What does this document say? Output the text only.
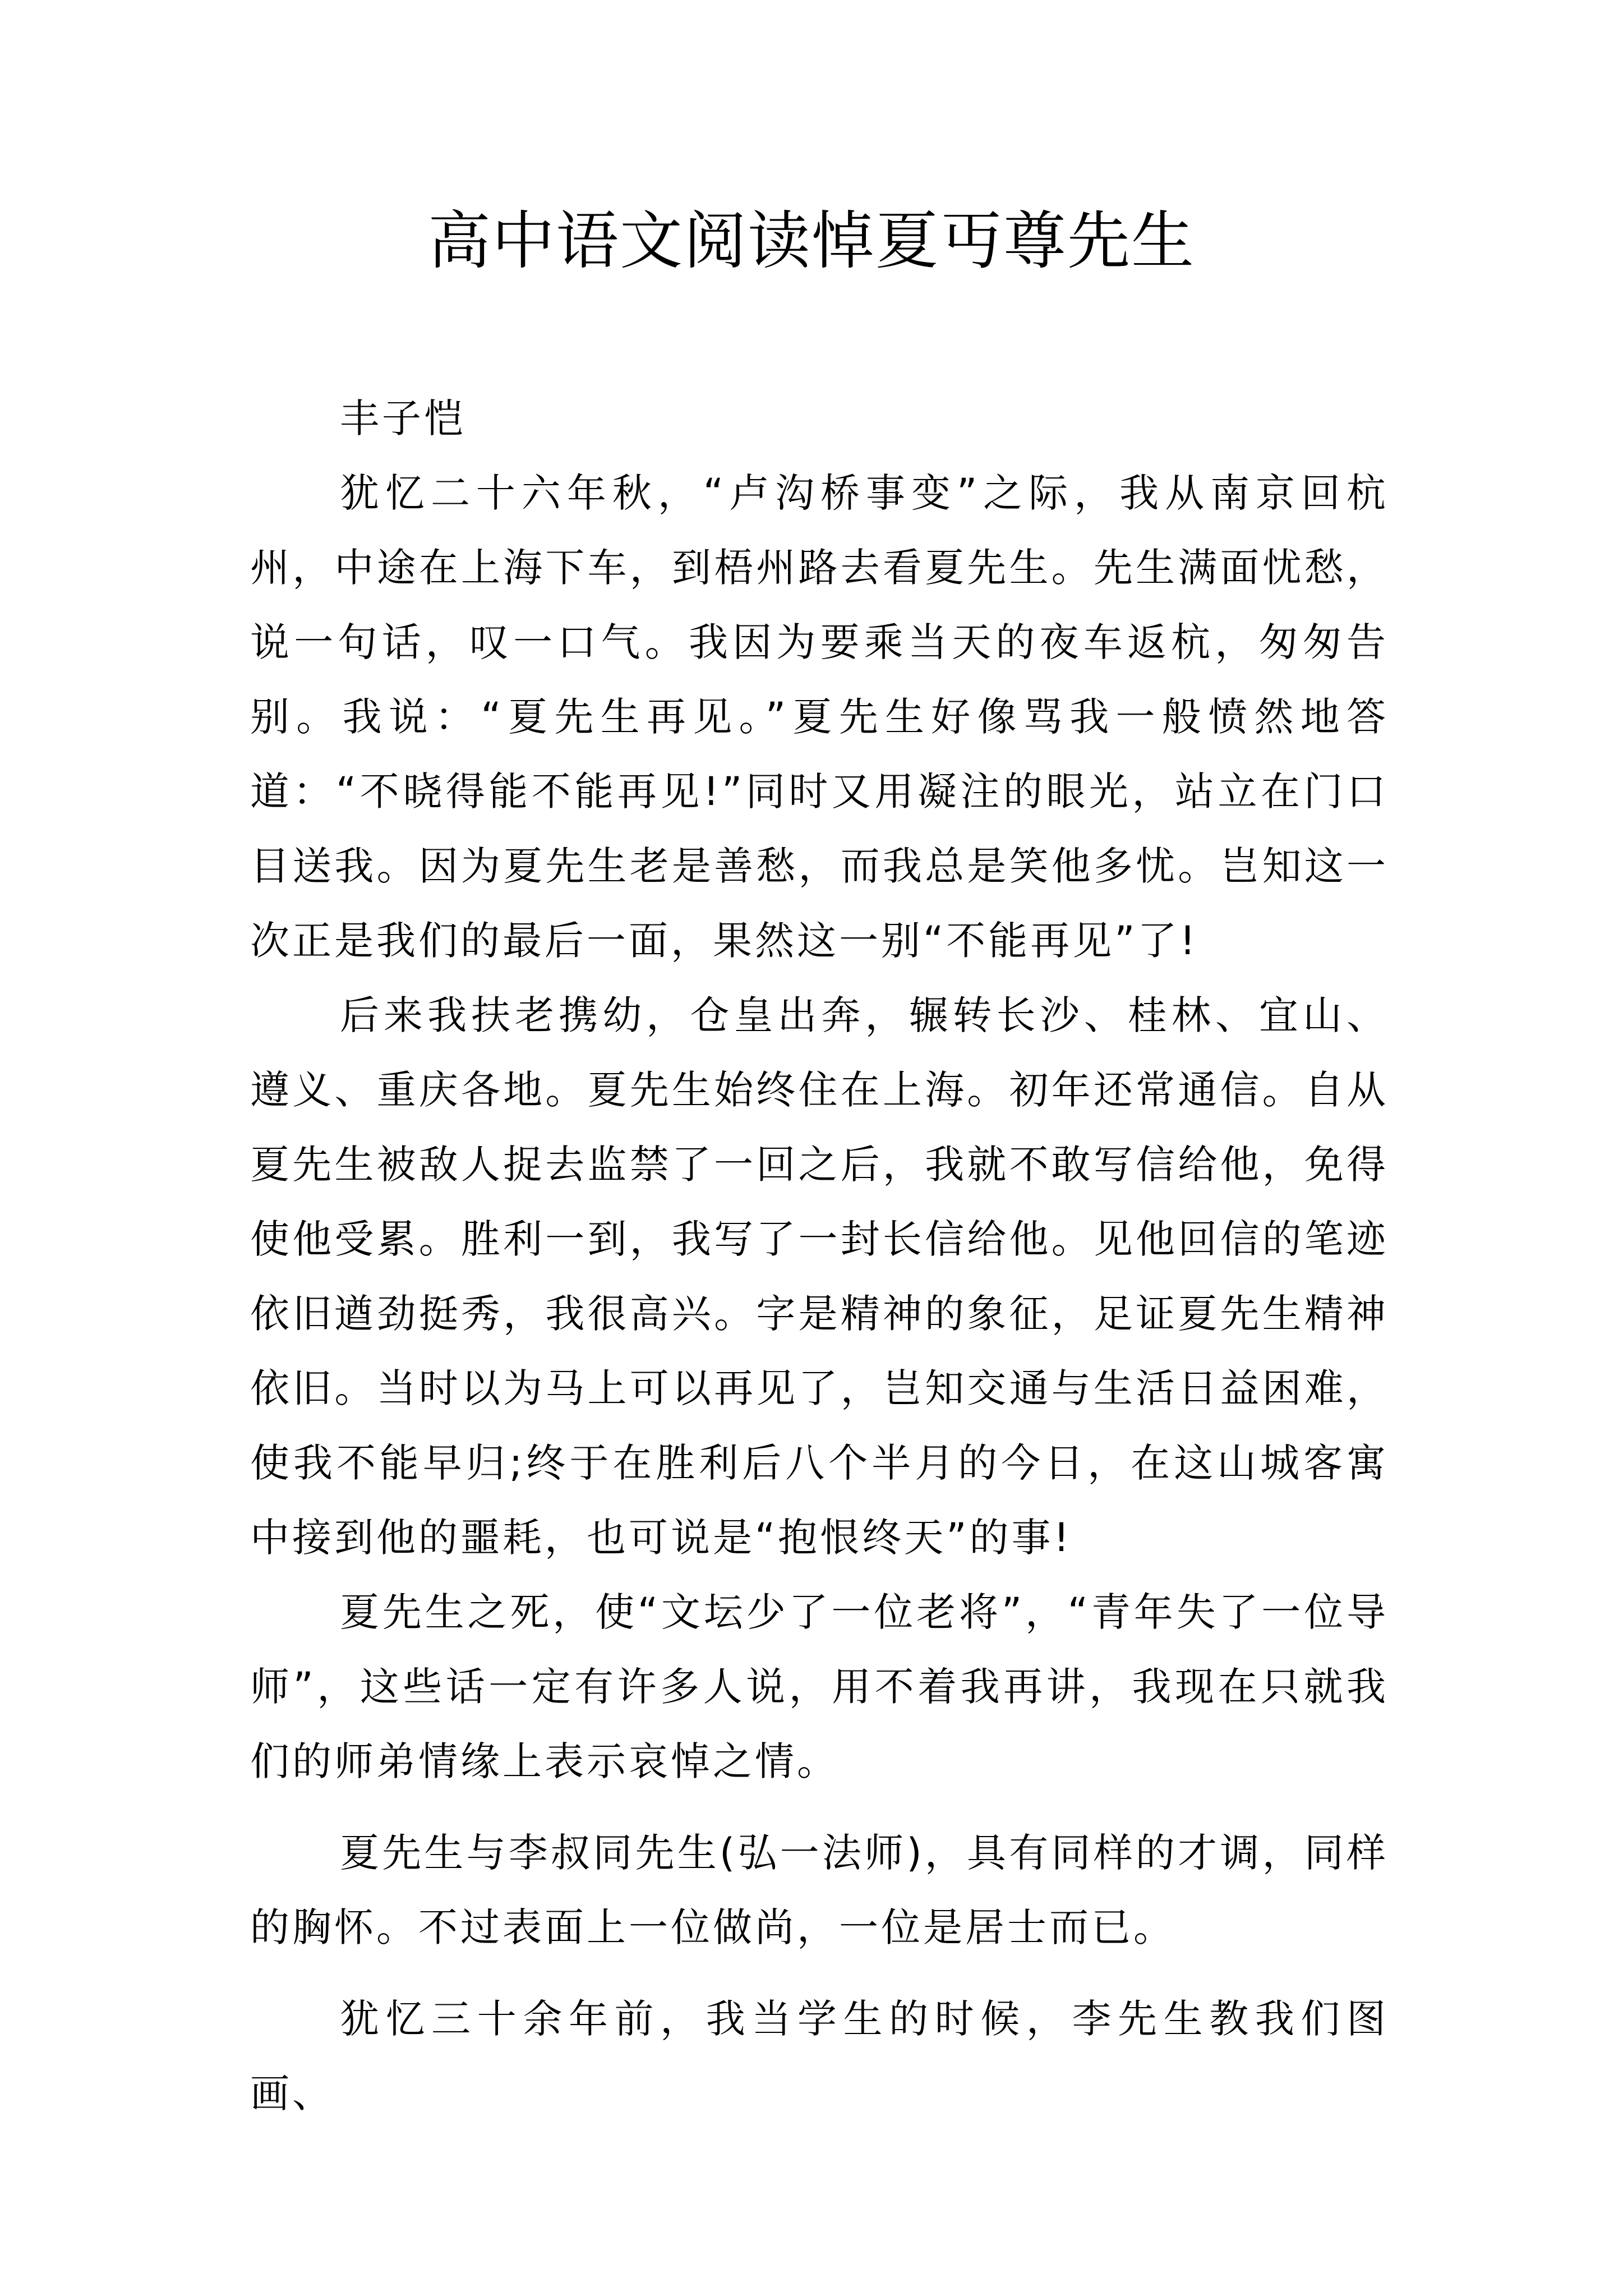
高中语文阅读悼夏丏尊先生

丰子恺

犹忆二十六年秋，“卢沟桥事变”之际，我从南京回杭州，中途在上海下车，到梧州路去看夏先生。先生满面忧愁，说一句话，叹一口气。我因为要乘当天的夜车返杭，匆匆告别。我说：“夏先生再见。”夏先生好像骂我一般愤然地答道：“不晓得能不能再见!”同时又用凝注的眼光，站立在门口目送我。因为夏先生老是善愁，而我总是笑他多忧。岂知这一次正是我们的最后一面，果然这一别“不能再见”了!

后来我扶老携幼，仓皇出奔，辗转长沙、桂林、宜山、遵义、重庆各地。夏先生始终住在上海。初年还常通信。自从夏先生被敌人捉去监禁了一回之后，我就不敢写信给他，免得使他受累。胜利一到，我写了一封长信给他。见他回信的笔迹依旧遒劲挺秀，我很高兴。字是精神的象征，足证夏先生精神依旧。当时以为马上可以再见了，岂知交通与生活日益困难，使我不能早归;终于在胜利后八个半月的今日，在这山城客寓中接到他的噩耗，也可说是“抱恨终天”的事!

夏先生之死，使“文坛少了一位老将”，“青年失了一位导师”，这些话一定有许多人说，用不着我再讲，我现在只就我们的师弟情缘上表示哀悼之情。

夏先生与李叔同先生(弘一法师)，具有同样的才调，同样的胸怀。不过表面上一位做尚，一位是居士而已。

犹忆三十余年前，我当学生的时候，李先生教我们图画、
